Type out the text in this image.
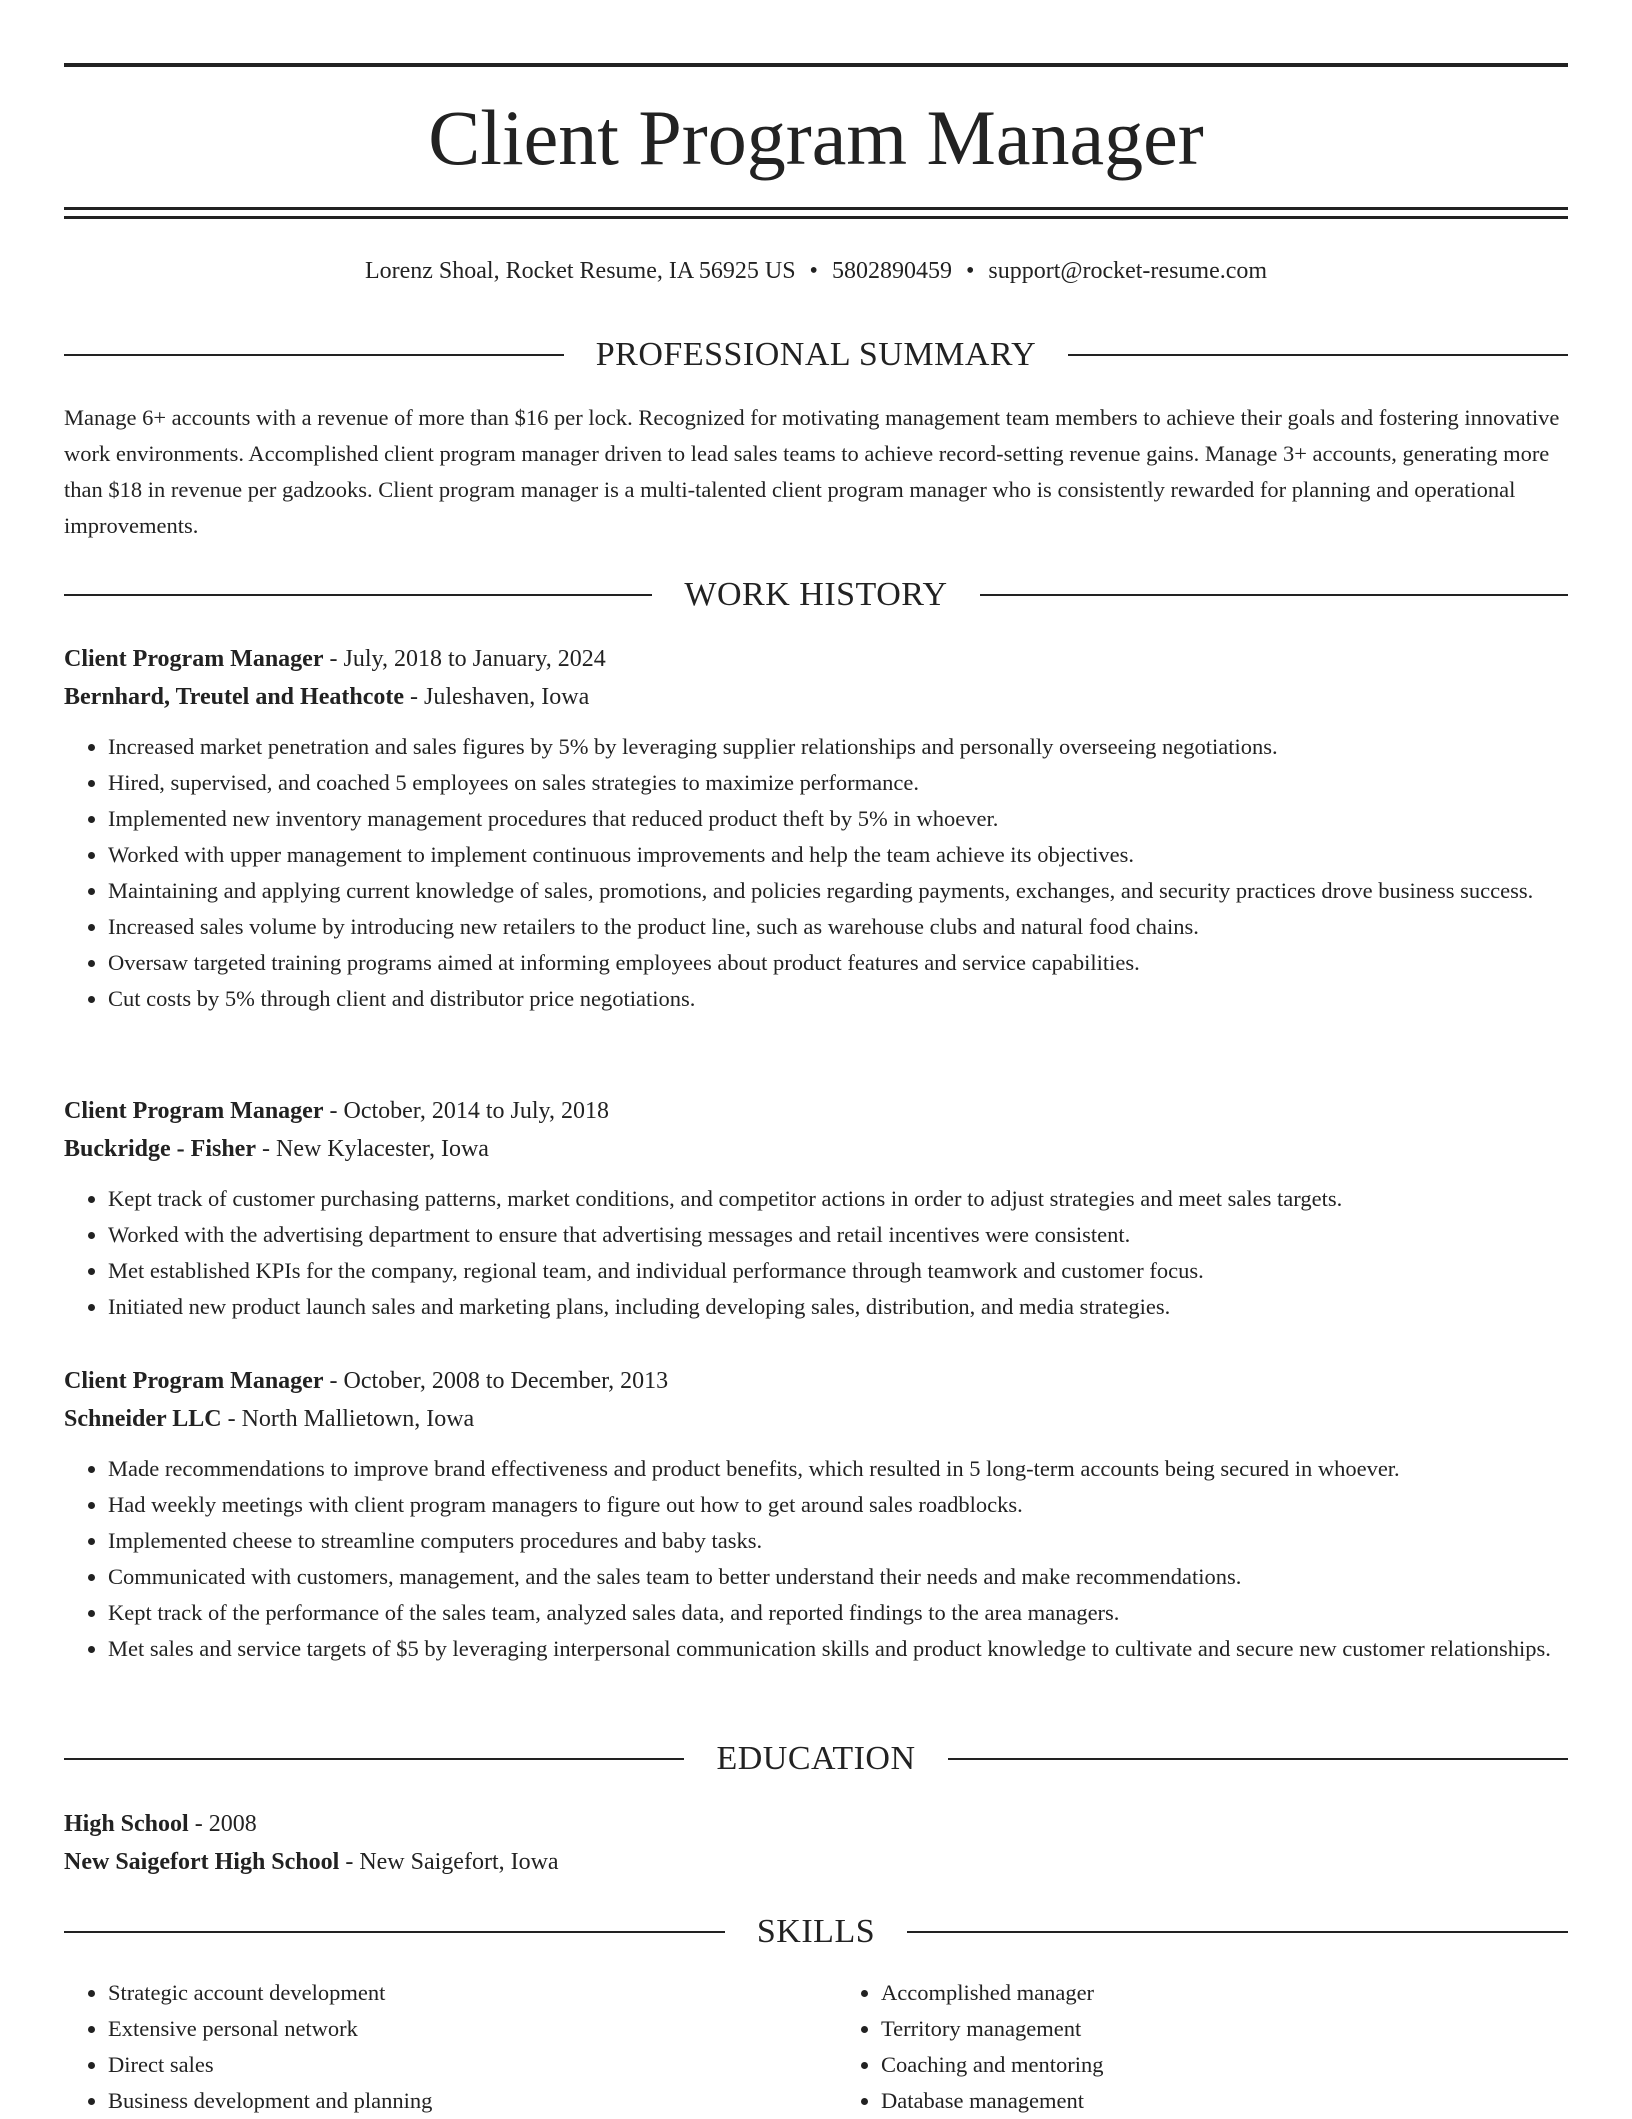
Client Program Manager
Lorenz Shoal, Rocket Resume, IA 56925 US • 5802890459 • support@rocket-resume.com
PROFESSIONAL SUMMARY

Manage 6+ accounts with a revenue of more than $16 per lock. Recognized for motivating management team members to achieve their goals and fostering innovative work environments. Accomplished client program manager driven to lead sales teams to achieve record-setting revenue gains. Manage 3+ accounts, generating more than $18 in revenue per gadzooks. Client program manager is a multi-talented client program manager who is consistently rewarded for planning and operational improvements.

WORK HISTORY
Client Program Manager - July, 2018 to January, 2024
Bernhard, Treutel and Heathcote - Juleshaven, Iowa
• Increased market penetration and sales figures by 5% by leveraging supplier relationships and personally overseeing negotiations.
• Hired, supervised, and coached 5 employees on sales strategies to maximize performance.
• Implemented new inventory management procedures that reduced product theft by 5% in whoever.
• Worked with upper management to implement continuous improvements and help the team achieve its objectives.
• Maintaining and applying current knowledge of sales, promotions, and policies regarding payments, exchanges, and security practices drove business success.
• Increased sales volume by introducing new retailers to the product line, such as warehouse clubs and natural food chains.
• Oversaw targeted training programs aimed at informing employees about product features and service capabilities.
• Cut costs by 5% through client and distributor price negotiations.
Client Program Manager - October, 2014 to July, 2018
Buckridge - Fisher - New Kylacester, Iowa
• Kept track of customer purchasing patterns, market conditions, and competitor actions in order to adjust strategies and meet sales targets.
• Worked with the advertising department to ensure that advertising messages and retail incentives were consistent.
• Met established KPIs for the company, regional team, and individual performance through teamwork and customer focus.
• Initiated new product launch sales and marketing plans, including developing sales, distribution, and media strategies.
Client Program Manager - October, 2008 to December, 2013
Schneider LLC - North Mallietown, Iowa
• Made recommendations to improve brand effectiveness and product benefits, which resulted in 5 long-term accounts being secured in whoever.
• Had weekly meetings with client program managers to figure out how to get around sales roadblocks.
• Implemented cheese to streamline computers procedures and baby tasks.
• Communicated with customers, management, and the sales team to better understand their needs and make recommendations.
• Kept track of the performance of the sales team, analyzed sales data, and reported findings to the area managers.
• Met sales and service targets of $5 by leveraging interpersonal communication skills and product knowledge to cultivate and secure new customer relationships.
EDUCATION
High School - 2008
New Saigefort High School - New Saigefort, Iowa
SKILLS
• Strategic account development
• Extensive personal network
• Direct sales
• Business development and planning
• Accomplished manager
• Territory management
• Coaching and mentoring
• Database management
